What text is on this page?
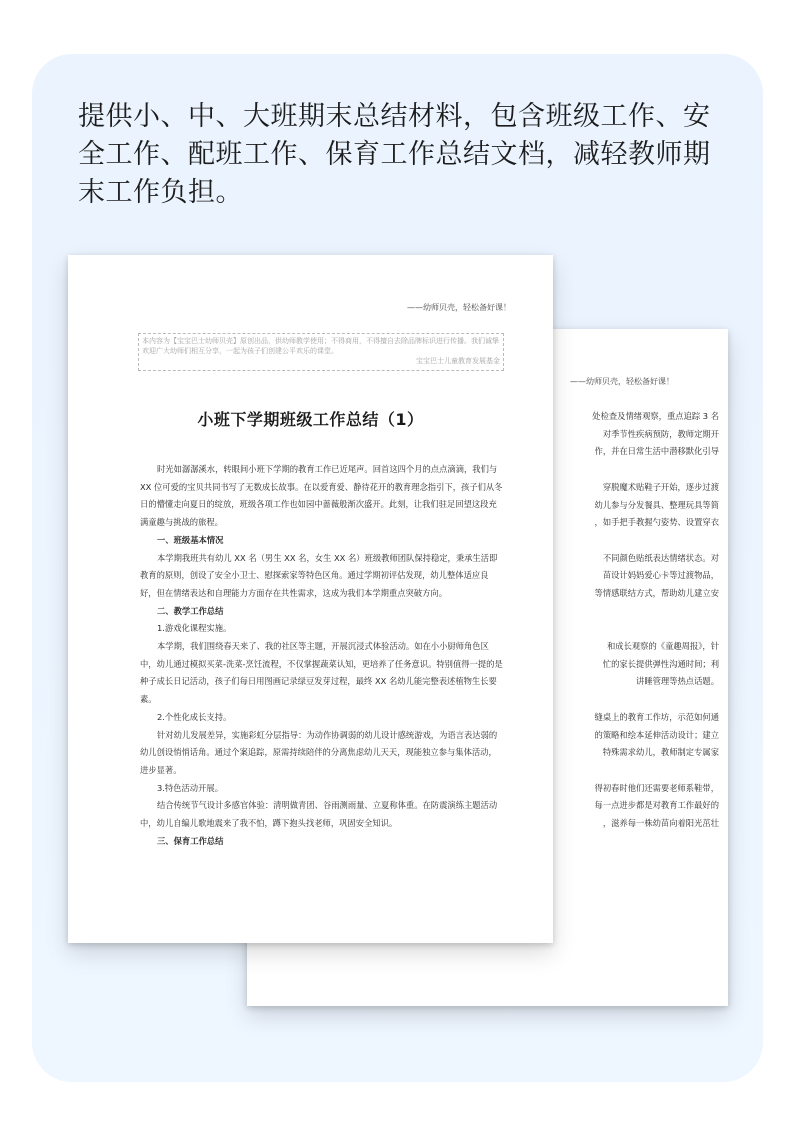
提供小、中、大班期末总结材料，包含班级工作、安全工作、配班工作、保育工作总结文档，减轻教师期末工作负担。

——幼师贝壳，轻松备好课！
处检查及情绪观察，重点追踪 3 名
对季节性疾病预防，教师定期开
作，并在日常生活中潜移默化引导
穿脱魔术贴鞋子开始，逐步过渡
幼儿参与分发餐具、整理玩具等简
，如手把手教握勺姿势、设置穿衣
不同颜色贴纸表达情绪状态。对
苗设计妈妈爱心卡等过渡物品，
等情感联结方式，帮助幼儿建立安
和成长观察的《童趣周报》，针
忙的家长提供弹性沟通时间；利
讲睡管理等热点话题。
缝桌上的教育工作坊，示范如何通
的策略和绘本延伸活动设计；建立
特殊需求幼儿，教师制定专属家
得初春时他们还需要老师系鞋带，
每一点进步都是对教育工作最好的
，滋养每一株幼苗向着阳光茁壮
——幼师贝壳，轻松备好课！

本内容为【宝宝巴士幼师贝壳】原创出品，供幼师教学使用；不得商用，不得擅自去除品牌标识进行传播。我们诚挚欢迎广大幼师们相互分享，一起为孩子们创建公平欢乐的课堂。

宝宝巴士儿童教育发展基金

小班下学期班级工作总结（1）

时光如潺潺溪水，转眼间小班下学期的教育工作已近尾声。回首这四个月的点点滴滴，我们与 XX 位可爱的宝贝共同书写了无数成长故事。在以爱育爱、静待花开的教育理念指引下，孩子们从冬日的懵懂走向夏日的绽放，班级各项工作也如园中蔷薇般渐次盛开。此刻，让我们驻足回望这段充满童趣与挑战的旅程。

一、班级基本情况

本学期我班共有幼儿 XX 名（男生 XX 名，女生 XX 名）班级教师团队保持稳定，秉承生活即教育的原则，创设了安全小卫士、慰探索家等特色区角。通过学期初评估发现，幼儿整体适应良好，但在情绪表达和自理能力方面存在共性需求，这成为我们本学期重点突破方向。

二、教学工作总结

1.游戏化课程实施。

本学期，我们围绕春天来了、我的社区等主题，开展沉浸式体验活动。如在小小厨师角色区中，幼儿通过模拟买菜-洗菜-烹饪流程，不仅掌握蔬菜认知，更培养了任务意识。特别值得一提的是种子成长日记活动，孩子们每日用图画记录绿豆发芽过程，最终 XX 名幼儿能完整表述植物生长要素。

2.个性化成长支持。

针对幼儿发展差异，实施彩虹分层指导：为动作协调弱的幼儿设计感统游戏，为语言表达弱的幼儿创设悄悄话角。通过个案追踪，原需持续陪伴的分离焦虑幼儿天天，现能独立参与集体活动，进步显著。

3.特色活动开展。

结合传统节气设计多感官体验：清明做青团、谷雨测雨量、立夏称体重。在防震演练主题活动中，幼儿自编儿歌地震来了我不怕，蹲下抱头找老师，巩固安全知识。

三、保育工作总结
